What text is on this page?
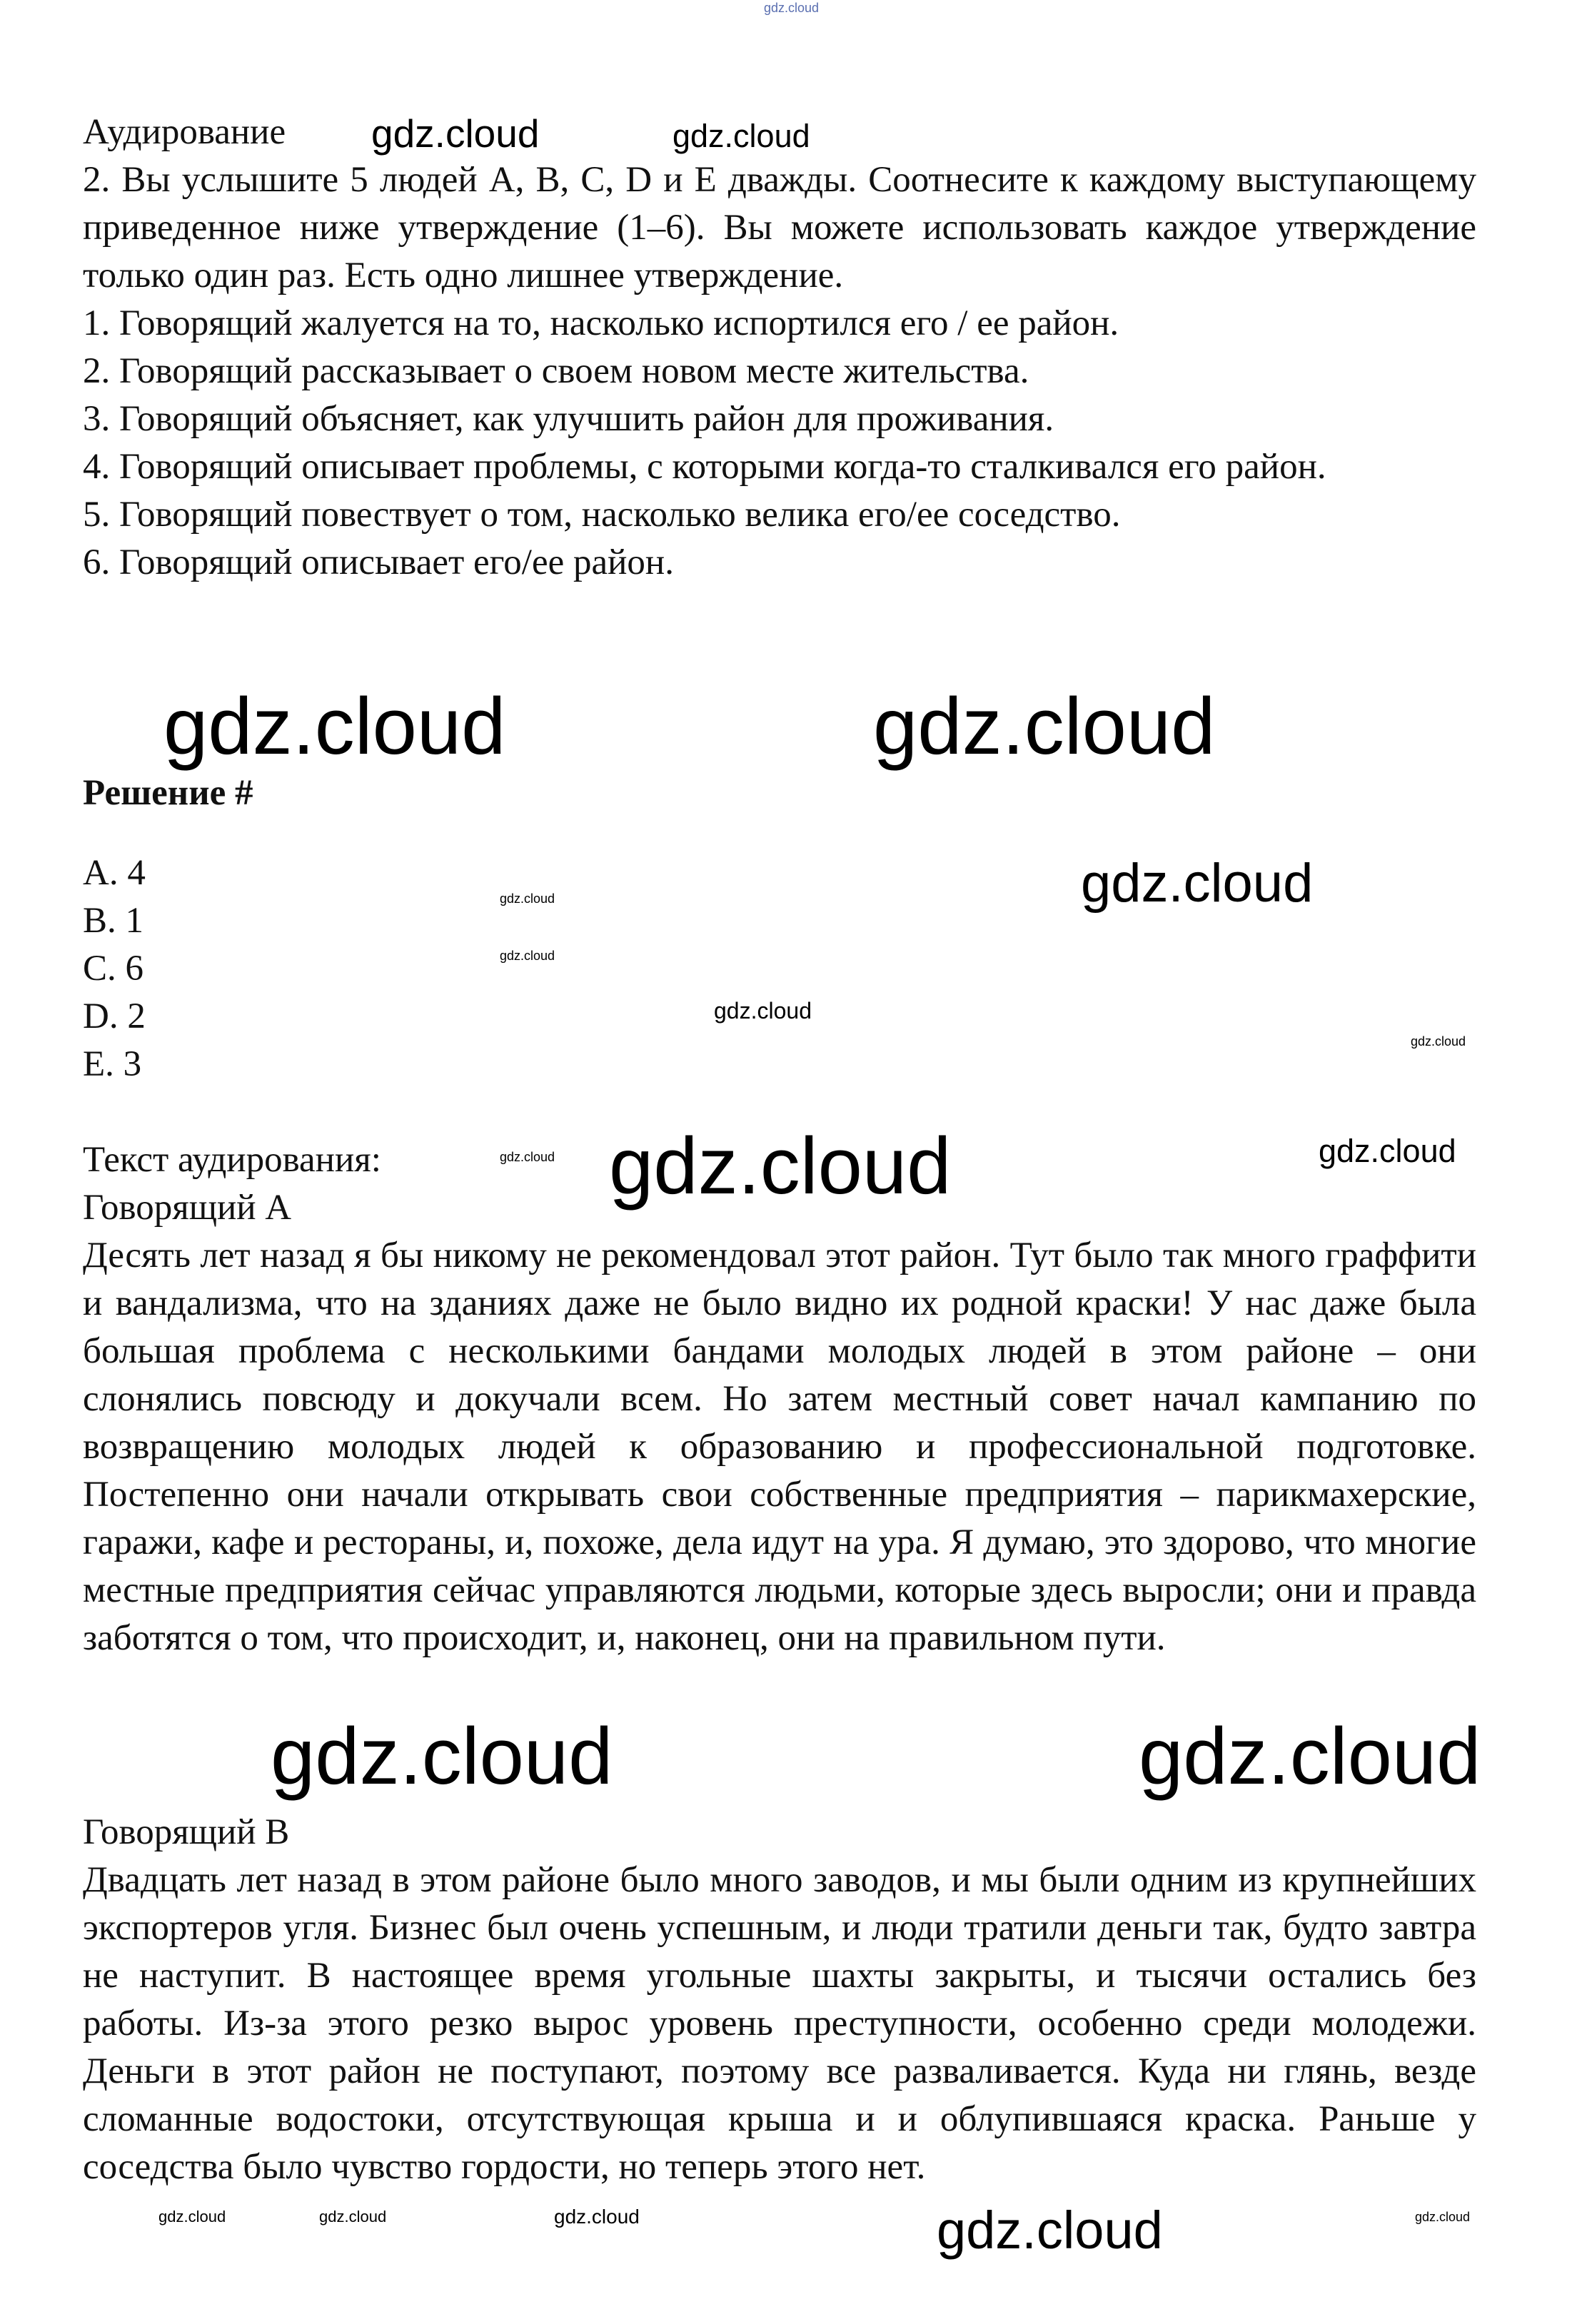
Аудирование

2. Вы услышите 5 людей A, B, C, D и E дважды. Соотнесите к каждому выступающему приведенное ниже утверждение (1–6). Вы можете использовать каждое утверждение только один раз. Есть одно лишнее утверждение.

1. Говорящий жалуется на то, насколько испортился его / ее район.

2. Говорящий рассказывает о своем новом месте жительства.

3. Говорящий объясняет, как улучшить район для проживания.

4. Говорящий описывает проблемы, с которыми когда-то сталкивался его район.

5. Говорящий повествует о том, насколько велика его/ее соседство.

6. Говорящий описывает его/ее район.

Решение #

A. 4

B. 1

C. 6

D. 2

E. 3

Текст аудирования:

Говорящий A

Десять лет назад я бы никому не рекомендовал этот район. Тут было так много граффити и вандализма, что на зданиях даже не было видно их родной краски! У нас даже была большая проблема с несколькими бандами молодых людей в этом районе – они слонялись повсюду и докучали всем. Но затем местный совет начал кампанию по возвращению молодых людей к образованию и профессиональной подготовке. Постепенно они начали открывать свои собственные предприятия – парикмахерские, гаражи, кафе и рестораны, и, похоже, дела идут на ура. Я думаю, это здорово, что многие местные предприятия сейчас управляются людьми, которые здесь выросли; они и правда заботятся о том, что происходит, и, наконец, они на правильном пути.

Говорящий B

Двадцать лет назад в этом районе было много заводов, и мы были одним из крупнейших экспортеров угля. Бизнес был очень успешным, и люди тратили деньги так, будто завтра не наступит. В настоящее время угольные шахты закрыты, и тысячи остались без работы. Из-за этого резко вырос уровень преступности, особенно среди молодежи. Деньги в этот район не поступают, поэтому все разваливается. Куда ни глянь, везде сломанные водостоки, отсутствующая крыша и и облупившаяся краска. Раньше у соседства было чувство гордости, но теперь этого нет.

gdz.cloud
gdz.cloud	gdz.cloud
gdz.cloud
gdz.cloud
gdz.cloud
gdz.cloud	gdz.cloud
gdz.cloud gdz.cloud	gdz.cloud
gdz.cloud
gdz.cloud
gdz.cloud	gdz.cloud
gdz.cloud	gdz.cloud	gdz.cloud	gdz.cloud	gdz.cloud
